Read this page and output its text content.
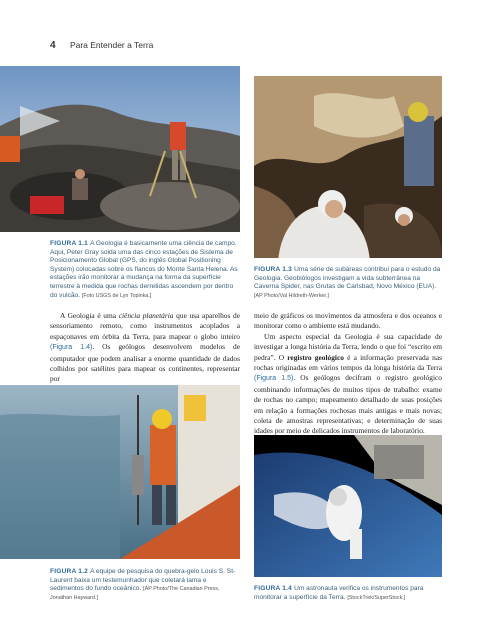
4 Para Entender a Terra
FIGURA 1.1 A Geologia é basicamente uma ciência de campo. Aqui, Peter Gray solda uma das cinco estações de Sistema de Posicionamento Global (GPS, do inglês Global Positioning System) colocadas sobre os flancos do Monte Santa Helena. As estações irão monitorar a mudança na forma da superfície terrestre à medida que rochas derretidas ascendem por dentro do vulcão. [Foto USGS de Lyn Topinka.]
FIGURA 1.3 Uma série de subáreas contribui para o estudo da Geologia. Geobiólogos investigam a vida subterrânea na Caverna Spider, nas Grutas de Carlsbad, Novo México (EUA). [AP Photo/Val Hildreth-Werker.]

A Geologia é uma ciência planetária que usa aparelhos de sensoriamento remoto, como instrumentos acoplados a espaçonaves em órbita da Terra, para mapear o globo inteiro (Figura 1.4). Os geólogos desenvolvem modelos de computador que podem analisar a enorme quantidade de dados colhidos por satélites para mapear os continentes, representar por

meio de gráficos os movimentos da atmosfera e dos oceanos e monitorar como o ambiente está mudando.

Um aspecto especial da Geologia é sua capacidade de investigar a longa história da Terra, lendo o que foi “escrito em pedra”. O registro geológico é a informação preservada nas rochas originadas em vários tempos da longa história da Terra (Figura 1.5). Os geólogos decifram o registro geológico combinando informações de muitos tipos de trabalho: exame de rochas no campo; mapeamento detalhado de suas posições em relação a formações rochosas mais antigas e mais novas; coleta de amostras representativas; e determinação de suas idades por meio de delicados instrumentos de laboratório.

FIGURA 1.2 A equipe de pesquisa do quebra-gelo Louis S. St-Laurent baixa um testemunhador que coletará lama e sedimentos do fundo oceânico. [AP Photo/The Canadian Press, Jonathan Hayward.]
FIGURA 1.4 Um astronauta verifica os instrumentos para monitorar a superfície da Terra. [StockTrek/SuperStock.]
